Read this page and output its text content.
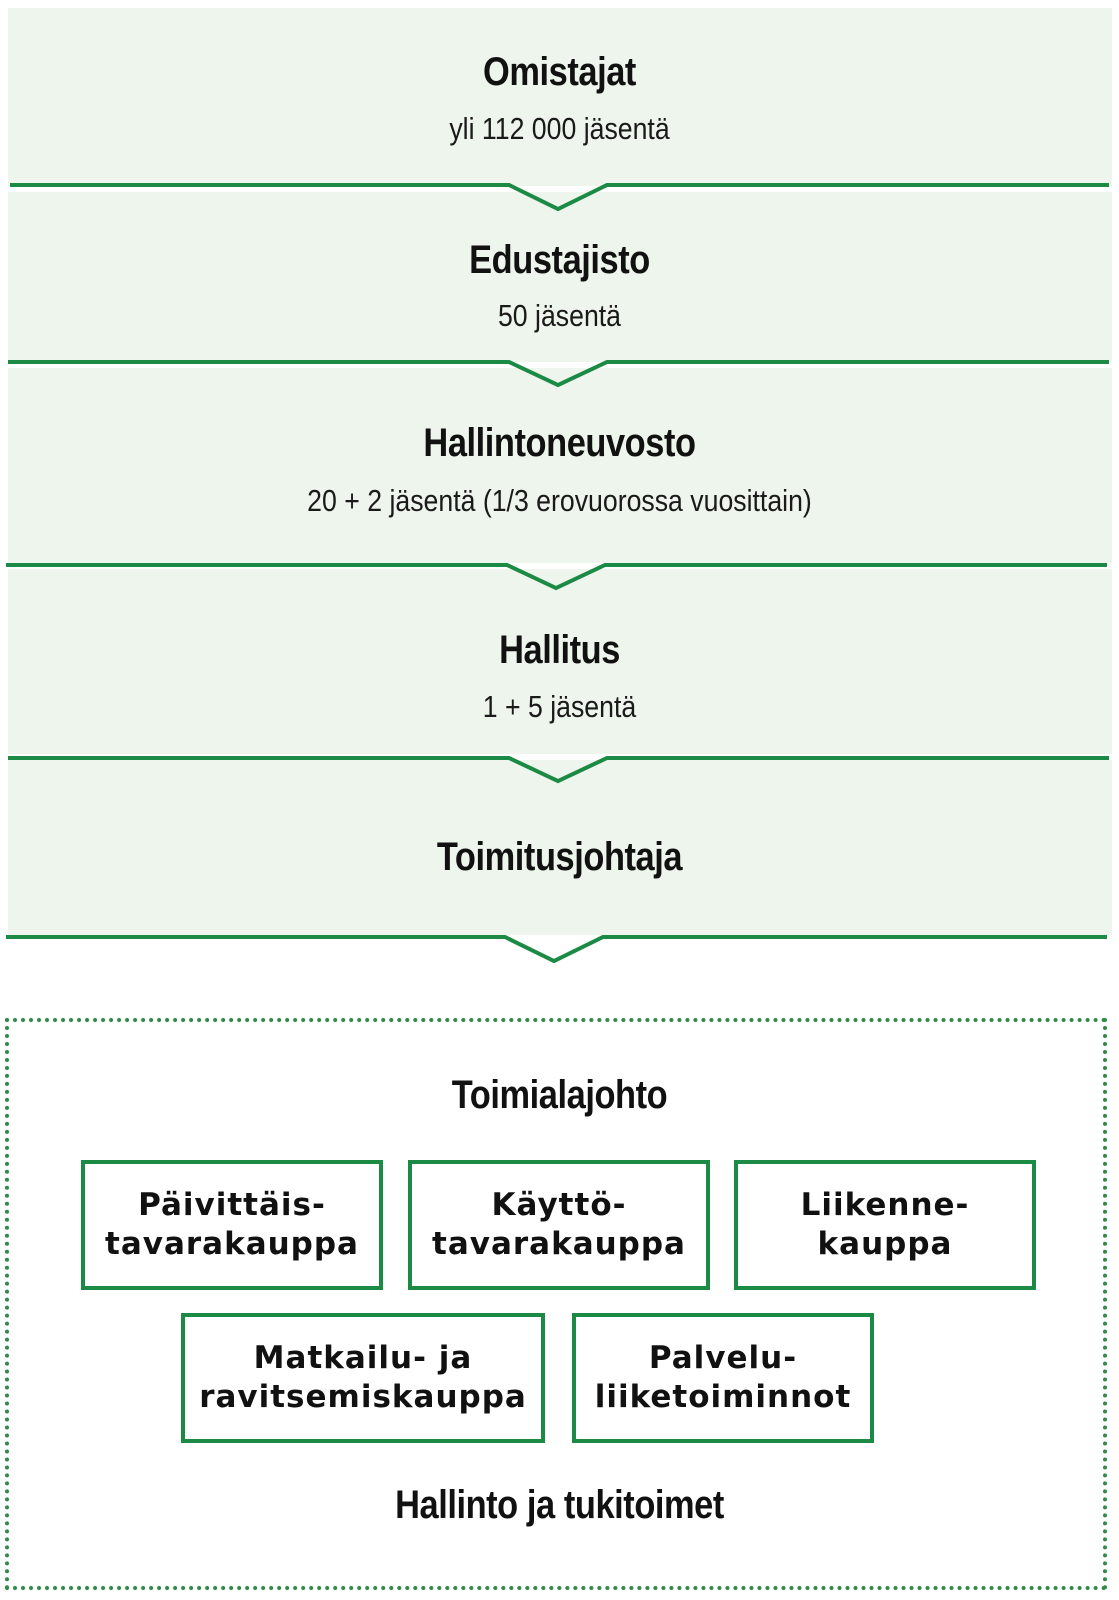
Omistajat
yli 112 000 jäsentä
Edustajisto
50 jäsentä
Hallintoneuvosto
20 + 2 jäsentä (1/3 erovuorossa vuosittain)
Hallitus
1 + 5 jäsentä
Toimitusjohtaja
Toimialajohto
Päivittäis-
tavarakauppa
Käyttö-
tavarakauppa
Liikenne-
kauppa
Matkailu- ja
ravitsemiskauppa
Palvelu-
liiketoiminnot
Hallinto ja tukitoimet
